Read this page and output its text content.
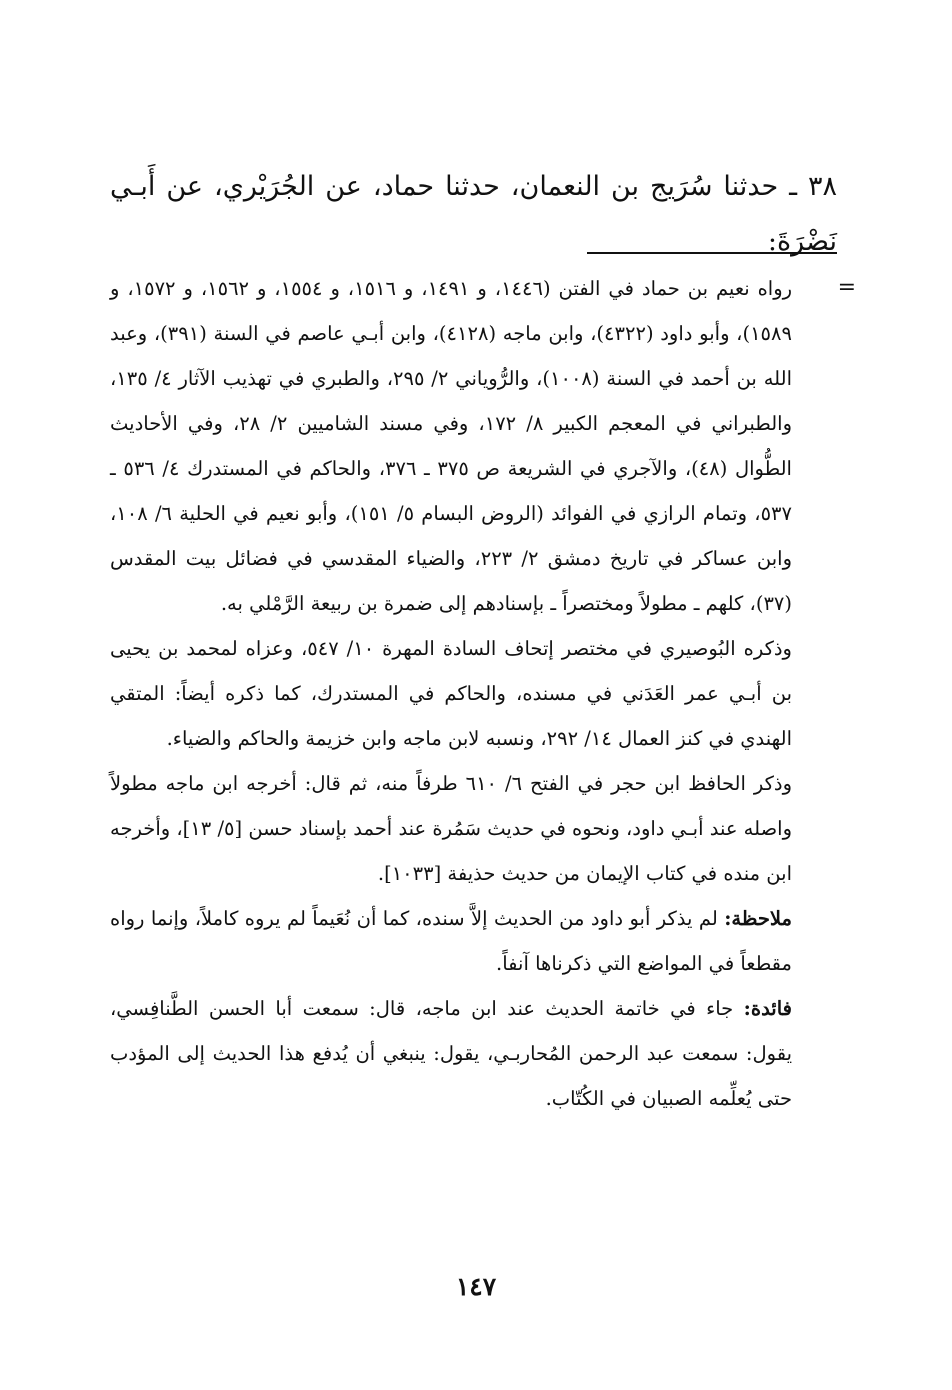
٣٨ ـ حدثنا سُرَيج بن النعمان، حدثنا حماد، عن الجُرَيْري، عن أَبـي نَضْرَةَ:

=

رواه نعيم بن حماد في الفتن (١٤٤٦، و ١٤٩١، و ١٥١٦، و ١٥٥٤، و ١٥٦٢، و ١٥٧٢، و ١٥٨٩)، وأبو داود (٤٣٢٢)، وابن ماجه (٤١٢٨)، وابن أبـي عاصم في السنة (٣٩١)، وعبد الله بن أحمد في السنة (١٠٠٨)، والرُّوياني ٢/ ٢٩٥، والطبري في تهذيب الآثار ٤/ ١٣٥، والطبراني في المعجم الكبير ٨/ ١٧٢، وفي مسند الشاميين ٢/ ٢٨، وفي الأحاديث الطُّوال (٤٨)، والآجري في الشريعة ص ٣٧٥ ـ ٣٧٦، والحاكم في المستدرك ٤/ ٥٣٦ ـ ٥٣٧، وتمام الرازي في الفوائد (الروض البسام ٥/ ١٥١)، وأبو نعيم في الحلية ٦/ ١٠٨، وابن عساكر في تاريخ دمشق ٢/ ٢٢٣، والضياء المقدسي في فضائل بيت المقدس (٣٧)، كلهم ـ مطولاً ومختصراً ـ بإسنادهم إلى ضمرة بن ربيعة الرَّمْلي به.

وذكره البُوصيري في مختصر إتحاف السادة المهرة ١٠/ ٥٤٧، وعزاه لمحمد بن يحيى بن أبـي عمر العَدَني في مسنده، والحاكم في المستدرك، كما ذكره أيضاً: المتقي الهندي في كنز العمال ١٤/ ٢٩٢، ونسبه لابن ماجه وابن خزيمة والحاكم والضياء.

وذكر الحافظ ابن حجر في الفتح ٦/ ٦١٠ طرفاً منه، ثم قال: أخرجه ابن ماجه مطولاً واصله عند أبـي داود، ونحوه في حديث سَمُرة عند أحمد بإسناد حسن [٥/ ١٣]، وأخرجه ابن منده في كتاب الإيمان من حديث حذيفة [١٠٣٣].

ملاحظة: لم يذكر أبو داود من الحديث إلاَّ سنده، كما أن نُعَيماً لم يروه كاملاً، وإنما رواه مقطعاً في المواضع التي ذكرناها آنفاً.

فائدة: جاء في خاتمة الحديث عند ابن ماجه، قال: سمعت أبا الحسن الطَّنافِسي، يقول: سمعت عبد الرحمن المُحاربـي، يقول: ينبغي أن يُدفع هذا الحديث إلى المؤدب حتى يُعلِّمه الصبيان في الكُتّاب.

١٤٧
